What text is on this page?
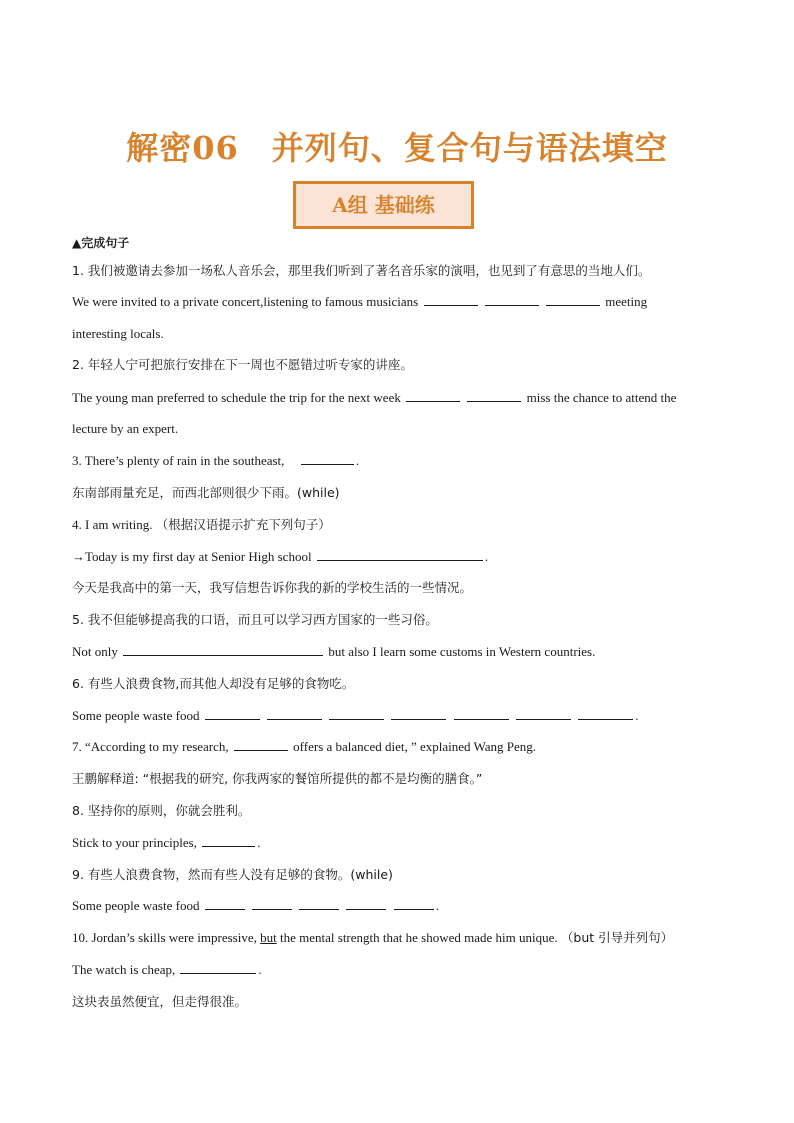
解密06　并列句、复合句与语法填空
A组 基础练
▲完成句子
1. 我们被邀请去参加一场私人音乐会，那里我们听到了著名音乐家的演唱，也见到了有意思的当地人们。
We were invited to a private concert,listening to famous musicians	meeting
interesting locals.
2. 年轻人宁可把旅行安排在下一周也不愿错过听专家的讲座。
The young man preferred to schedule the trip for the next week	miss the chance to attend the
lecture by an expert.
3. There’s plenty of rain in the southeast,	.
东南部雨量充足，而西北部则很少下雨。(while)
4. I am writing. （根据汉语提示扩充下列句子）
→Today is my first day at Senior High school	.
今天是我高中的第一天，我写信想告诉你我的新的学校生活的一些情况。
5. 我不但能够提高我的口语，而且可以学习西方国家的一些习俗。
Not only	but also I learn some customs in Western countries.
6. 有些人浪费食物,而其他人却没有足够的食物吃。
Some people waste food	.
7. “According to my research,	offers a balanced diet, ” explained Wang Peng.
王鹏解释道: “根据我的研究, 你我两家的餐馆所提供的都不是均衡的膳食。”
8. 坚持你的原则，你就会胜利。
Stick to your principles,	.
9. 有些人浪费食物，然而有些人没有足够的食物。(while)
Some people waste food	.
10. Jordan’s skills were impressive, but the mental strength that he showed made him unique. （but 引导并列句）
The watch is cheap,	.
这块表虽然便宜，但走得很准。
